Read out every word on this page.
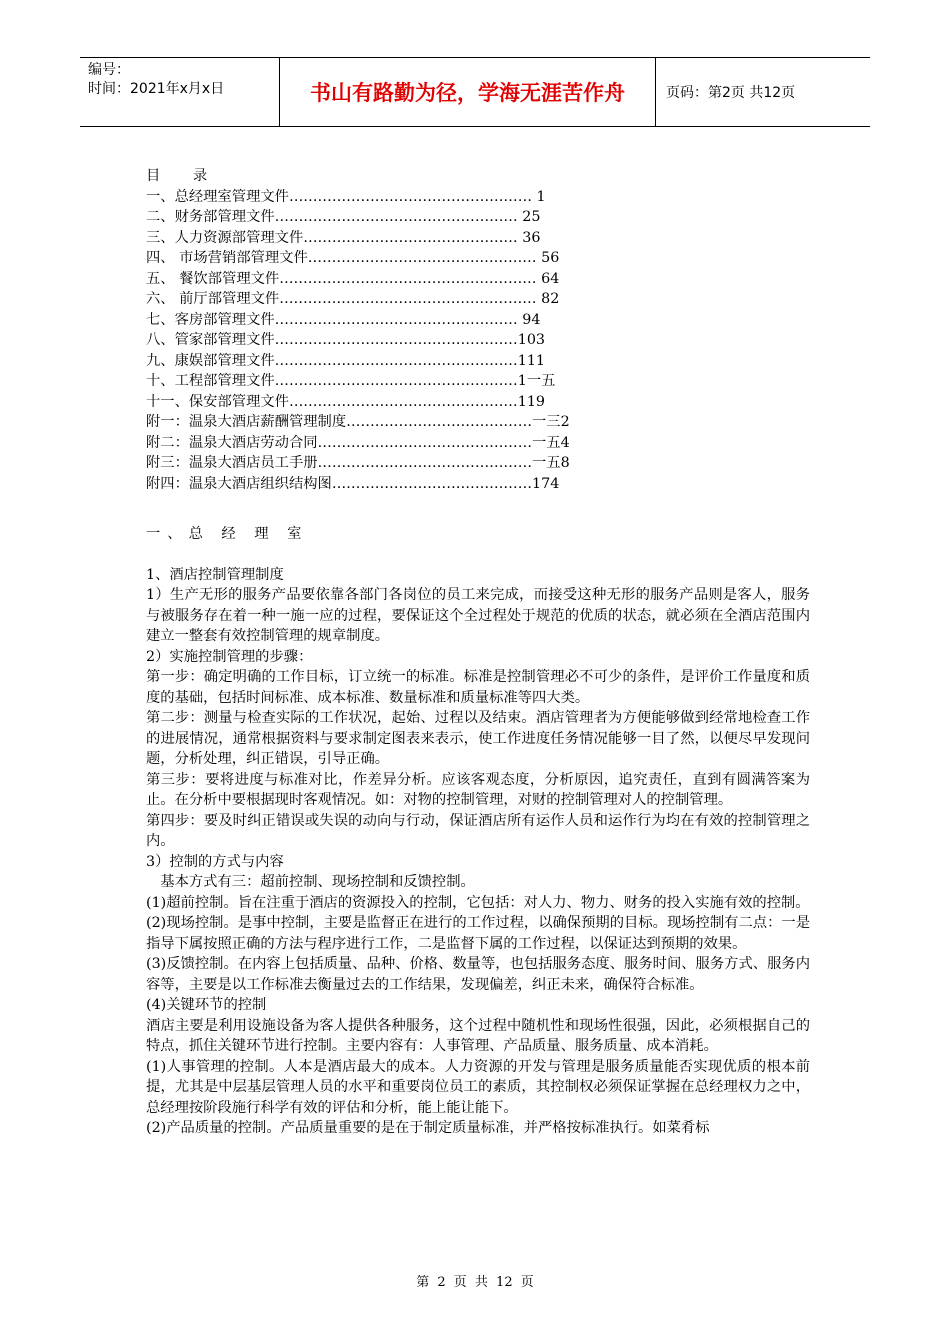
编号：
时间：2021年x月x日	书山有路勤为径，学海无涯苦作舟	页码：第2页 共12页
目 录
一、总经理室管理文件…………………………………………… 1
二、财务部管理文件…………………………………………… 25
三、人力资源部管理文件……………………………………… 36
四、 市场营销部管理文件………………………………………… 56
五、 餐饮部管理文件……………………………………………… 64
六、 前厅部管理文件……………………………………………… 82
七、客房部管理文件…………………………………………… 94
八、管家部管理文件……………………………………………103
九、康娱部管理文件……………………………………………111
十、工程部管理文件……………………………………………1一五
十一、保安部管理文件…………………………………………119
附一：温泉大酒店薪酬管理制度…………………………………一三2
附二：温泉大酒店劳动合同………………………………………一五4
附三：温泉大酒店员工手册………………………………………一五8
附四：温泉大酒店组织结构图……………………………………174
一、总 经 理 室
1、酒店控制管理制度
1）生产无形的服务产品要依靠各部门各岗位的员工来完成，而接受这种无形的服务产品则是客人，服务与被服务存在着一种一施一应的过程，要保证这个全过程处于规范的优质的状态，就必须在全酒店范围内建立一整套有效控制管理的规章制度。
2）实施控制管理的步骤：
第一步：确定明确的工作目标，订立统一的标准。标准是控制管理必不可少的条件，是评价工作量度和质度的基础，包括时间标准、成本标准、数量标准和质量标准等四大类。
第二步：测量与检查实际的工作状况，起始、过程以及结束。酒店管理者为方便能够做到经常地检查工作的进展情况，通常根据资料与要求制定图表来表示，使工作进度任务情况能够一目了然，以便尽早发现问题，分析处理，纠正错误，引导正确。
第三步：要将进度与标准对比，作差异分析。应该客观态度，分析原因，追究责任，直到有圆满答案为止。在分析中要根据现时客观情况。如：对物的控制管理，对财的控制管理对人的控制管理。
第四步：要及时纠正错误或失误的动向与行动，保证酒店所有运作人员和运作行为均在有效的控制管理之内。
3）控制的方式与内容
　基本方式有三：超前控制、现场控制和反馈控制。
(1)超前控制。旨在注重于酒店的资源投入的控制，它包括：对人力、物力、财务的投入实施有效的控制。
(2)现场控制。是事中控制，主要是监督正在进行的工作过程，以确保预期的目标。现场控制有二点：一是指导下属按照正确的方法与程序进行工作，二是监督下属的工作过程，以保证达到预期的效果。
(3)反馈控制。在内容上包括质量、品种、价格、数量等，也包括服务态度、服务时间、服务方式、服务内容等，主要是以工作标准去衡量过去的工作结果，发现偏差，纠正未来，确保符合标准。
(4)关键环节的控制
酒店主要是利用设施设备为客人提供各种服务，这个过程中随机性和现场性很强，因此，必须根据自己的特点，抓住关键环节进行控制。主要内容有：人事管理、产品质量、服务质量、成本消耗。
(1)人事管理的控制。人本是酒店最大的成本。人力资源的开发与管理是服务质量能否实现优质的根本前提，尤其是中层基层管理人员的水平和重要岗位员工的素质，其控制权必须保证掌握在总经理权力之中，总经理按阶段施行科学有效的评估和分析，能上能让能下。
(2)产品质量的控制。产品质量重要的是在于制定质量标准，并严格按标准执行。如菜肴标
第 2 页 共 12 页
